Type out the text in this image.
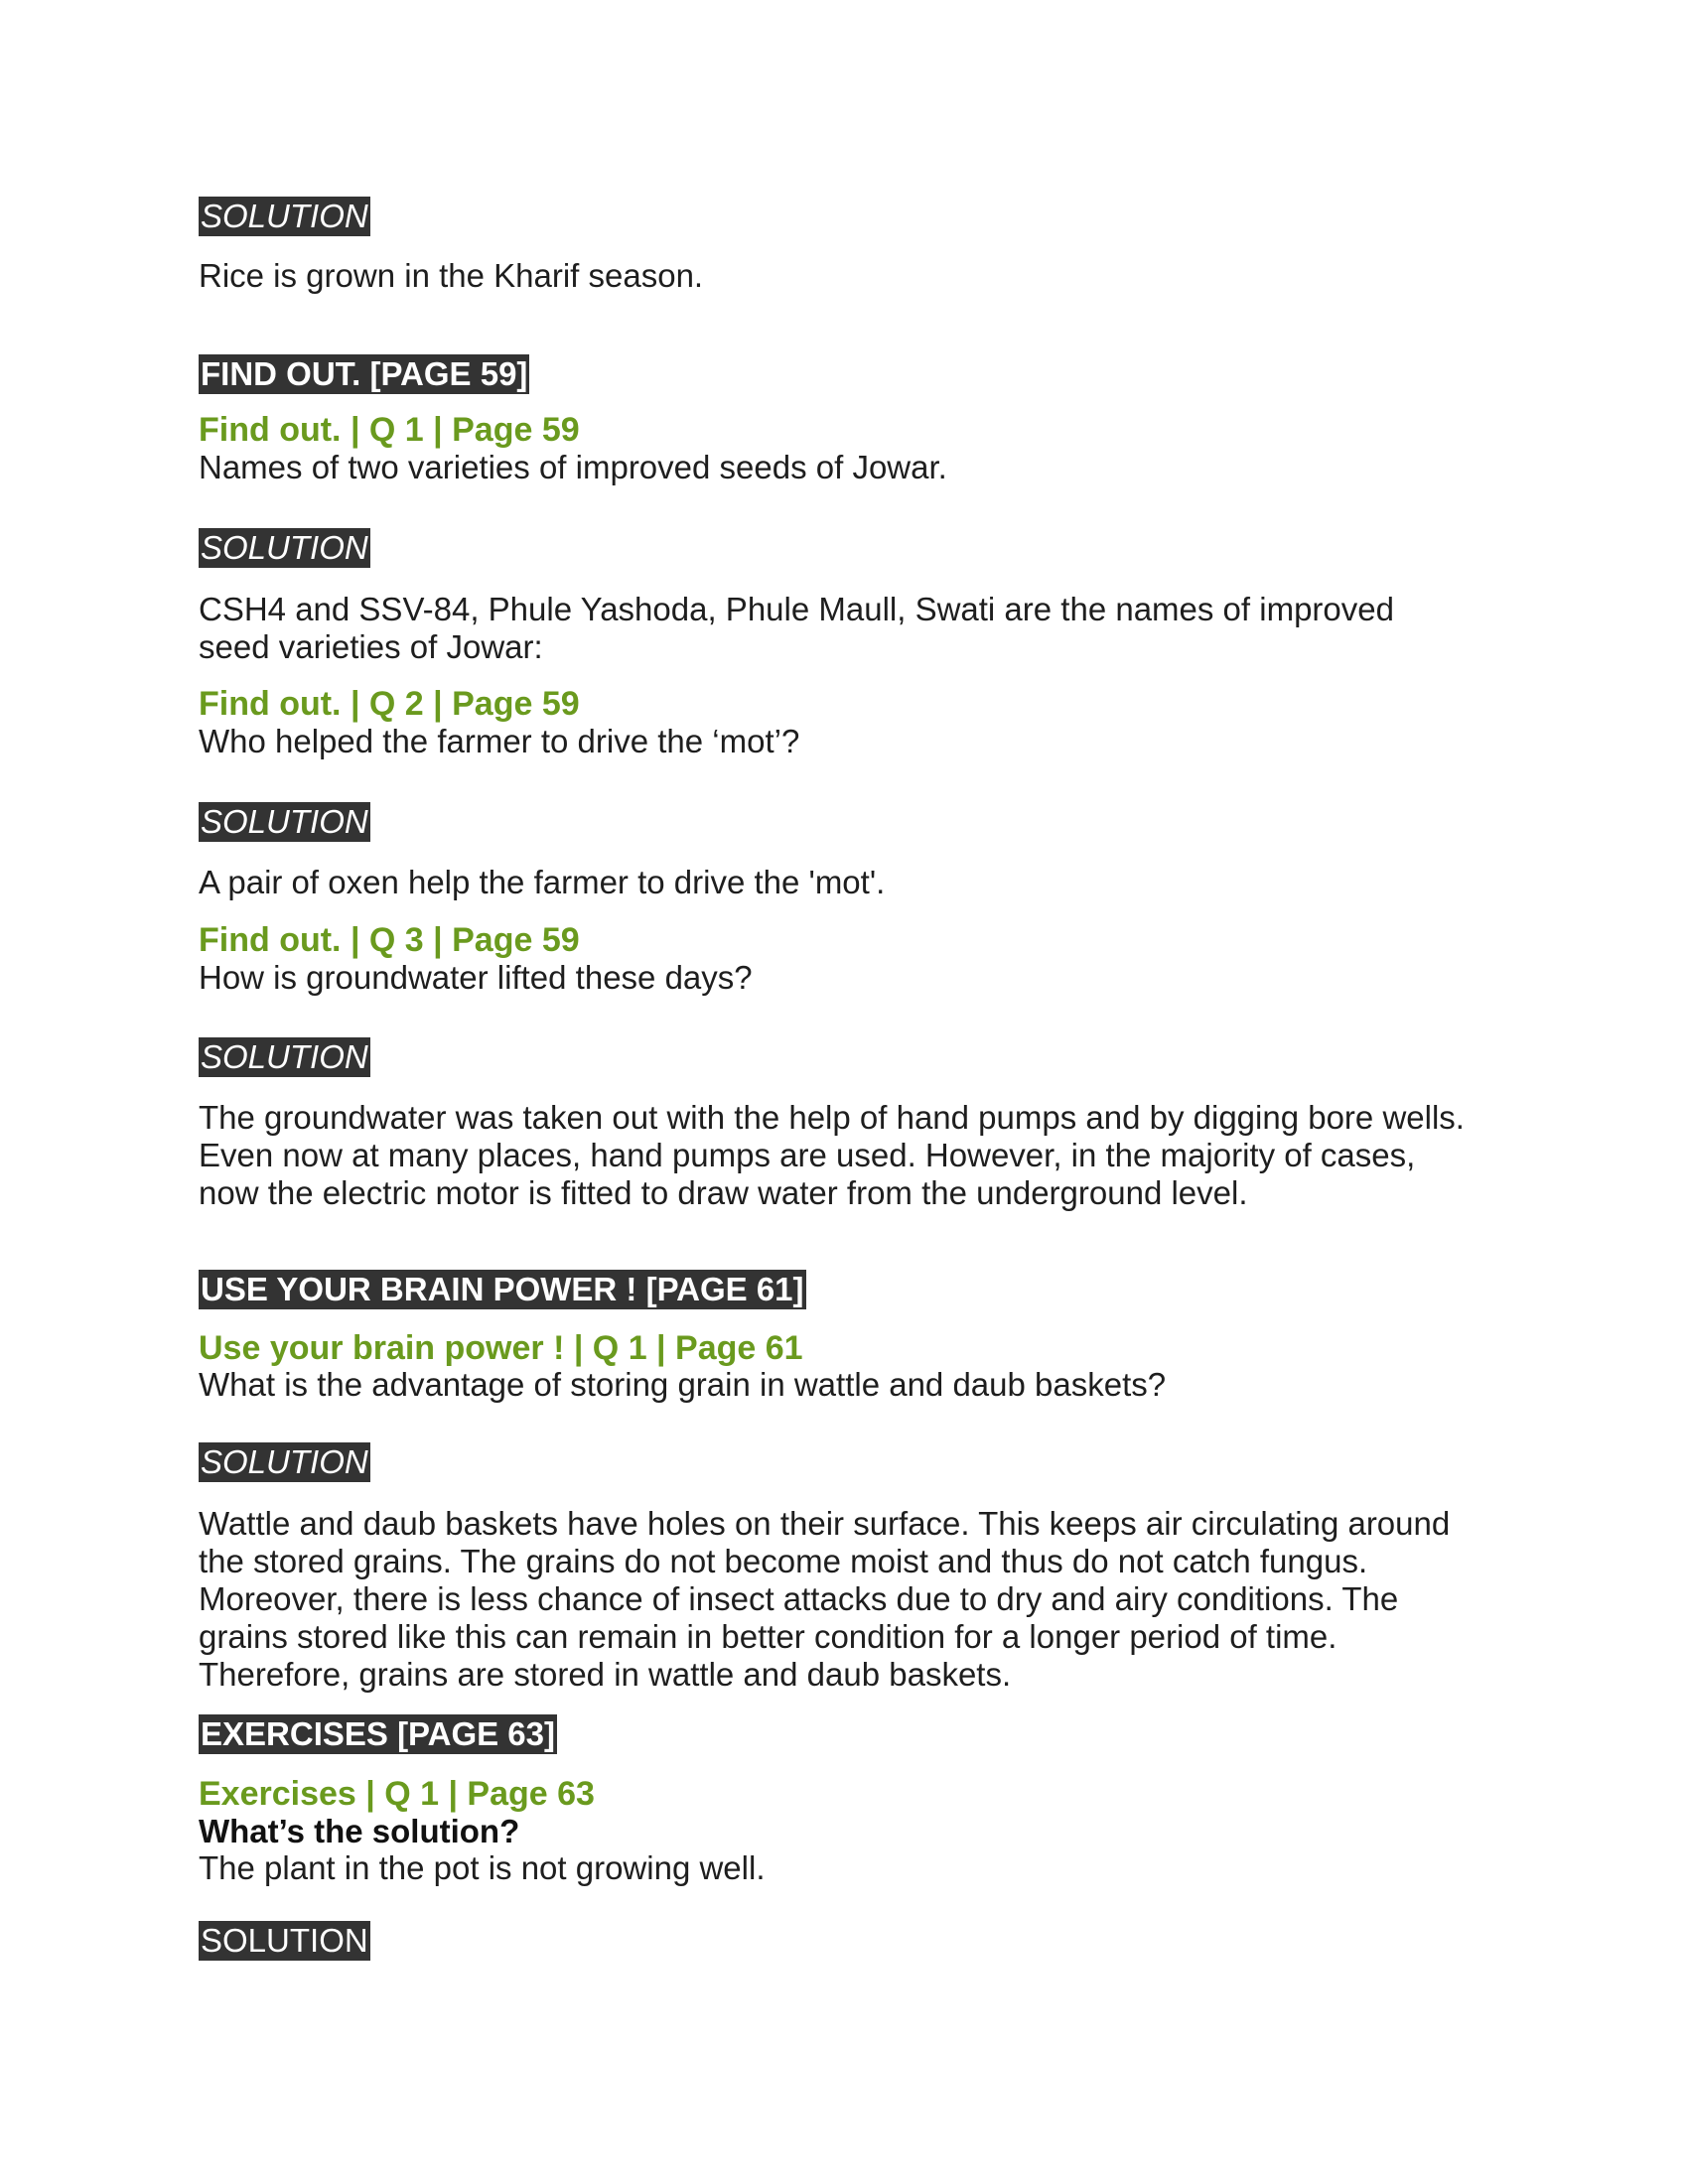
SOLUTION
Rice is grown in the Kharif season.
FIND OUT. [PAGE 59]
Find out. | Q 1 | Page 59
Names of two varieties of improved seeds of Jowar.
SOLUTION
CSH4 and SSV-84, Phule Yashoda, Phule Maull, Swati are the names of improved
seed varieties of Jowar:
Find out. | Q 2 | Page 59
Who helped the farmer to drive the ‘mot’?
SOLUTION
A pair of oxen help the farmer to drive the 'mot'.
Find out. | Q 3 | Page 59
How is groundwater lifted these days?
SOLUTION
The groundwater was taken out with the help of hand pumps and by digging bore wells.
Even now at many places, hand pumps are used. However, in the majority of cases,
now the electric motor is fitted to draw water from the underground level.
USE YOUR BRAIN POWER ! [PAGE 61]
Use your brain power ! | Q 1 | Page 61
What is the advantage of storing grain in wattle and daub baskets?
SOLUTION
Wattle and daub baskets have holes on their surface. This keeps air circulating around
the stored grains. The grains do not become moist and thus do not catch fungus.
Moreover, there is less chance of insect attacks due to dry and airy conditions. The
grains stored like this can remain in better condition for a longer period of time.
Therefore, grains are stored in wattle and daub baskets.
EXERCISES [PAGE 63]
Exercises | Q 1 | Page 63
What’s the solution?
The plant in the pot is not growing well.
SOLUTION
